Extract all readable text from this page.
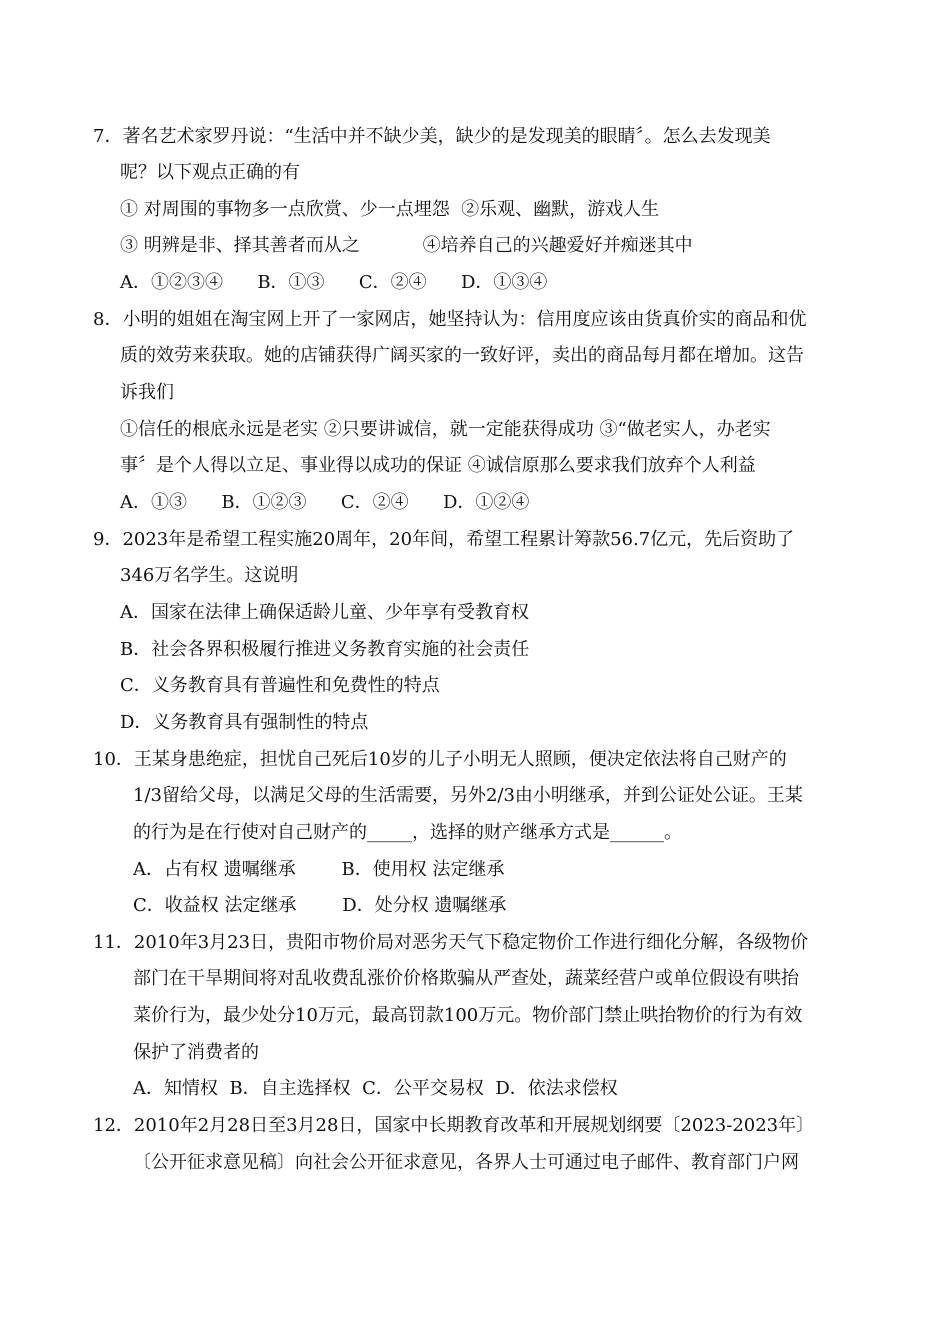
7．著名艺术家罗丹说：“生活中并不缺少美，缺少的是发现美的眼睛〞。怎么去发现美
呢？以下观点正确的有
① 对周围的事物多一点欣赏、少一点埋怨  ②乐观、幽默，游戏人生
③ 明辨是非、择其善者而从之           ④培养自己的兴趣爱好并痴迷其中
A．①②③④      B．①③      C．②④      D．①③④
8．小明的姐姐在淘宝网上开了一家网店，她坚持认为：信用度应该由货真价实的商品和优
质的效劳来获取。她的店铺获得广阔买家的一致好评，卖出的商品每月都在增加。这告
诉我们
①信任的根底永远是老实 ②只要讲诚信，就一定能获得成功 ③“做老实人，办老实
事〞是个人得以立足、事业得以成功的保证 ④诚信原那么要求我们放弃个人利益
A．①③      B．①②③      C．②④      D．①②④
9．2023年是希望工程实施20周年，20年间，希望工程累计筹款56.7亿元，先后资助了
346万名学生。这说明
A．国家在法律上确保适龄儿童、少年享有受教育权
B．社会各界积极履行推进义务教育实施的社会责任
C．义务教育具有普遍性和免费性的特点
D．义务教育具有强制性的特点
10．王某身患绝症，担忧自己死后10岁的儿子小明无人照顾，便决定依法将自己财产的
1/3留给父母，以满足父母的生活需要，另外2/3由小明继承，并到公证处公证。王某
的行为是在行使对自己财产的_____，选择的财产继承方式是______。
A．占有权 遗嘱继承        B．使用权 法定继承
C．收益权 法定继承        D．处分权 遗嘱继承
11．2010年3月23日，贵阳市物价局对恶劣天气下稳定物价工作进行细化分解，各级物价
部门在干旱期间将对乱收费乱涨价价格欺骗从严查处，蔬菜经营户或单位假设有哄抬
菜价行为，最少处分10万元，最高罚款100万元。物价部门禁止哄抬物价的行为有效
保护了消费者的
A．知情权  B．自主选择权  C．公平交易权  D．依法求偿权
12．2010年2月28日至3月28日，国家中长期教育改革和开展规划纲要〔2023-2023年〕
〔公开征求意见稿〕向社会公开征求意见，各界人士可通过电子邮件、教育部门户网
